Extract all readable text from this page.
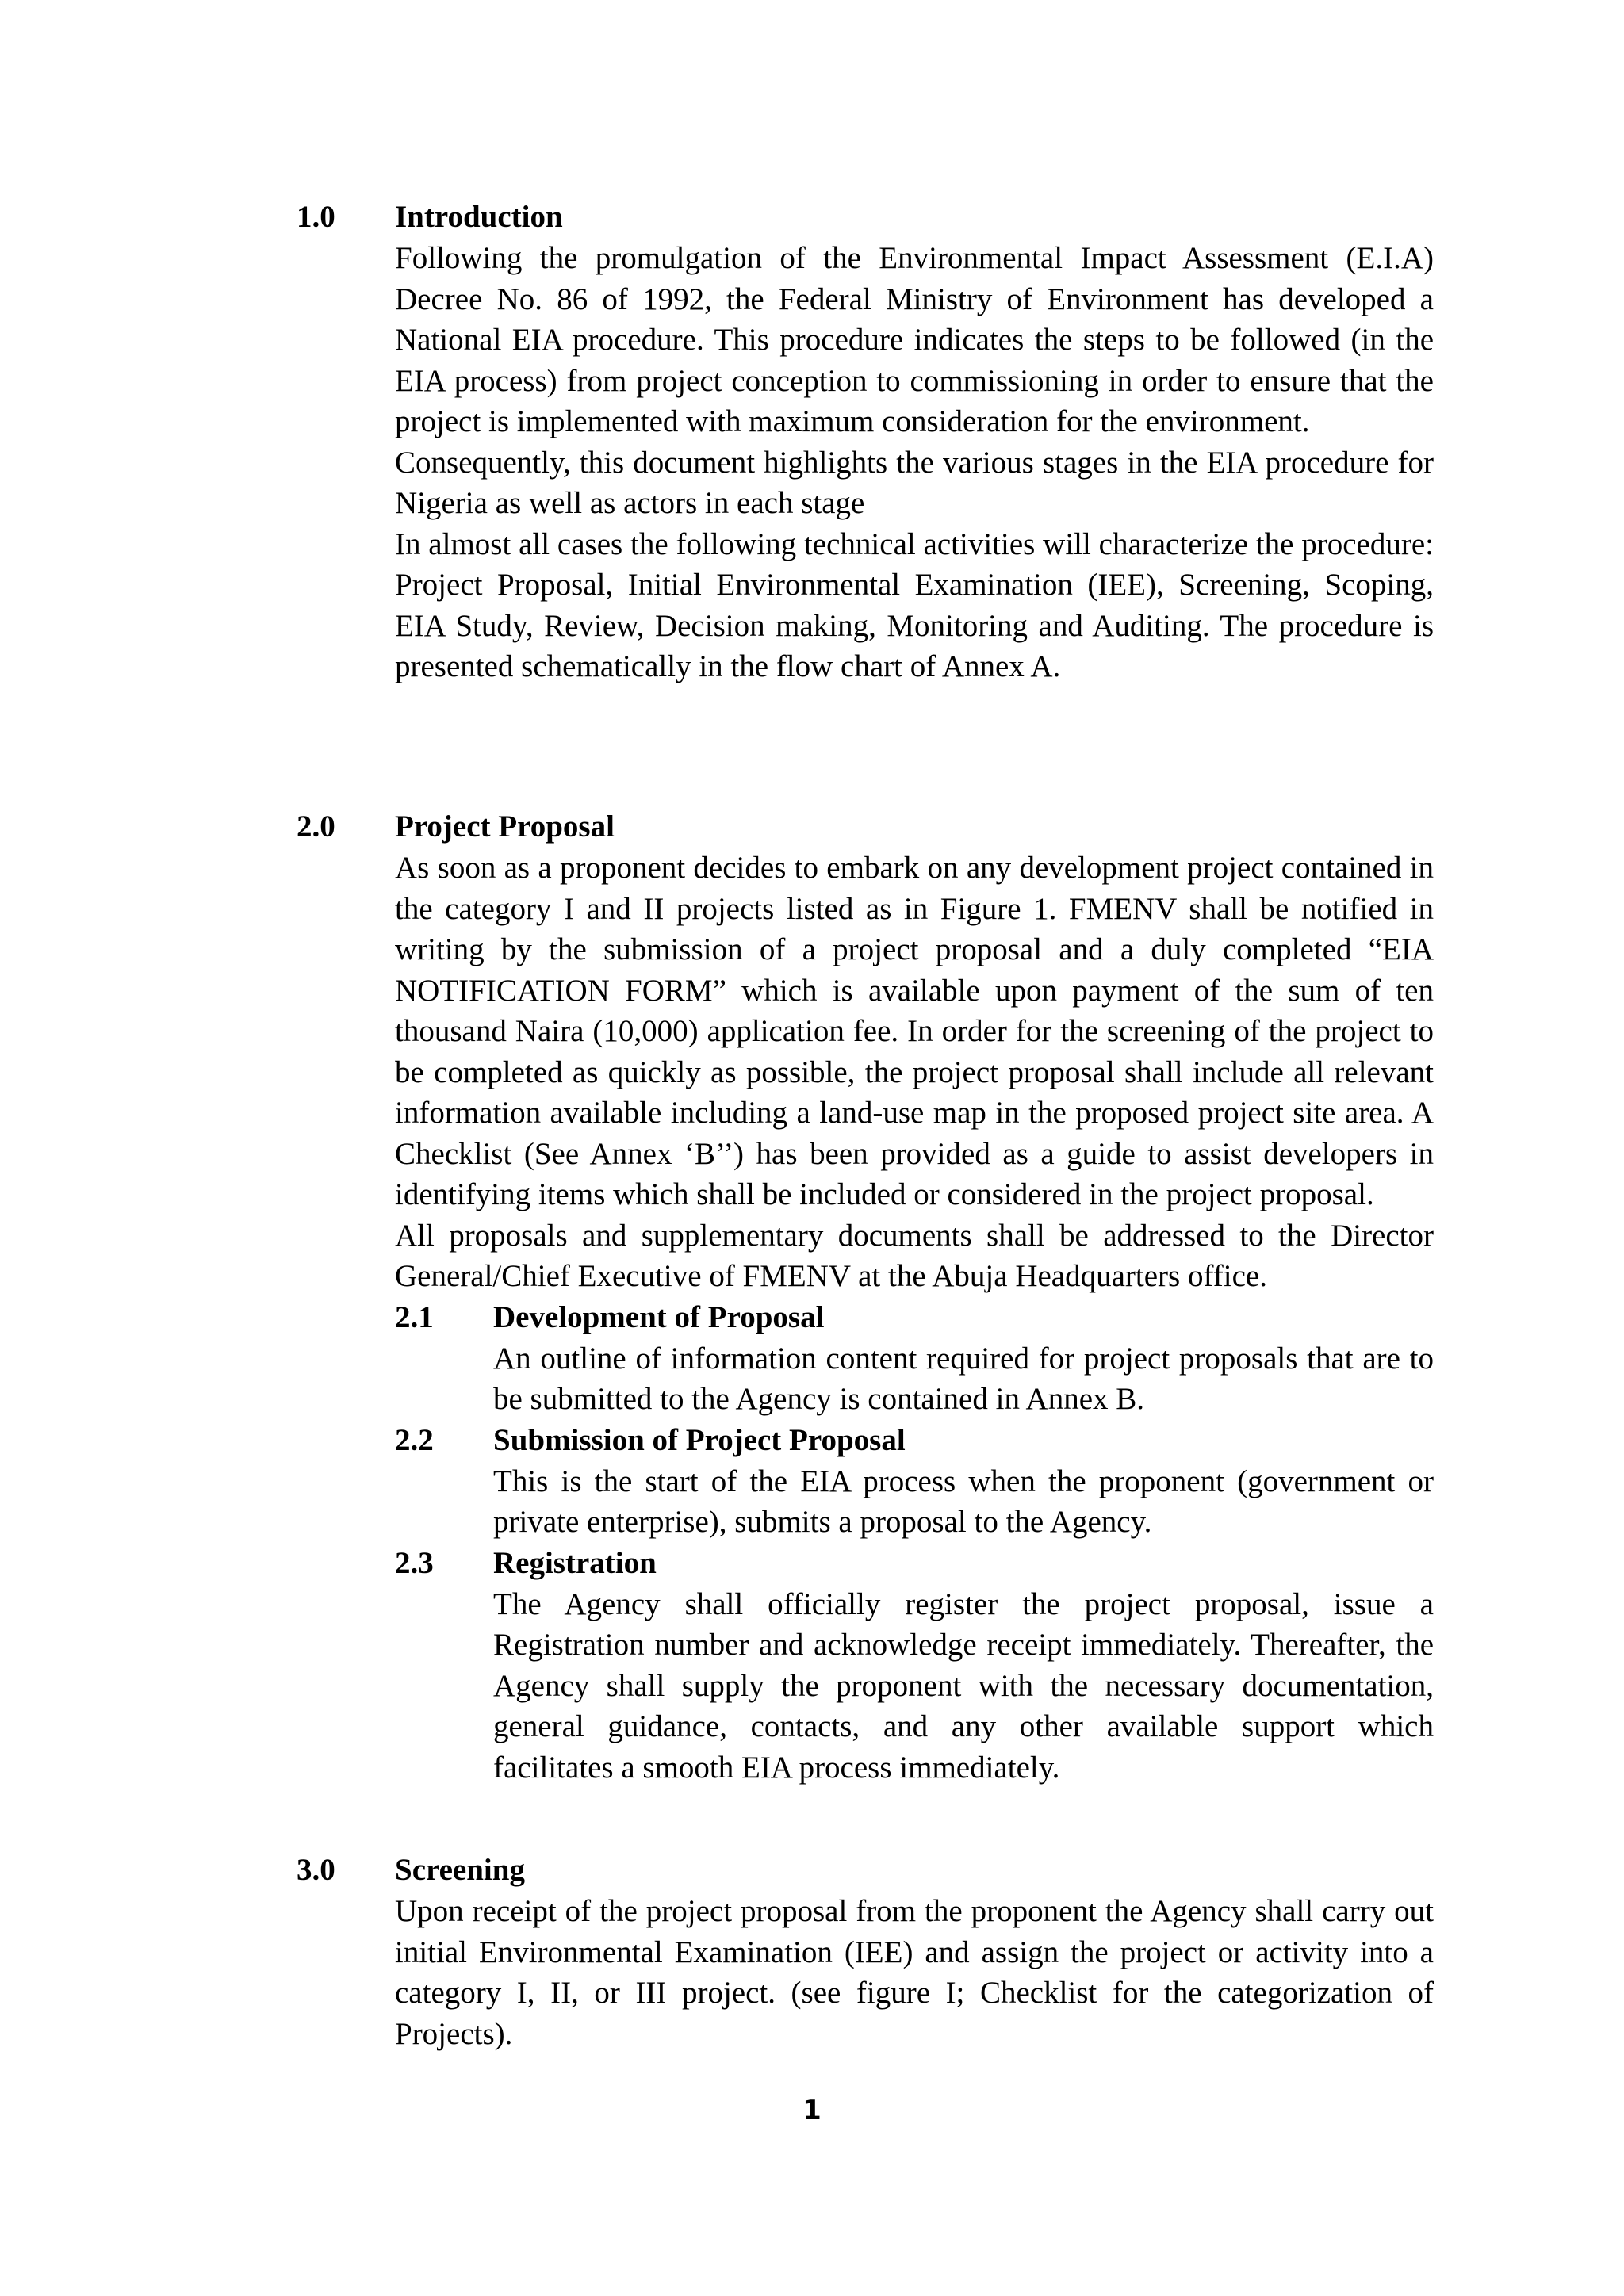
1.0	Introduction

Following the promulgation of the Environmental Impact Assessment (E.I.A) Decree No. 86 of 1992, the Federal Ministry of Environment has developed a National EIA procedure. This procedure indicates the steps to be followed (in the EIA process) from project conception to commissioning in order to ensure that the project is implemented with maximum consideration for the environment.

Consequently, this document highlights the various stages in the EIA procedure for Nigeria as well as actors in each stage

In almost all cases the following technical activities will characterize the procedure: Project Proposal, Initial Environmental Examination (IEE), Screening, Scoping, EIA Study, Review, Decision making, Monitoring and Auditing. The procedure is presented schematically in the flow chart of Annex A.

2.0	Project Proposal

As soon as a proponent decides to embark on any development project contained in the category I and II projects listed as in Figure 1. FMENV shall be notified in writing by the submission of a project proposal and a duly completed “EIA NOTIFICATION FORM” which is available upon payment of the sum of ten thousand Naira (10,000) application fee. In order for the screening of the project to be completed as quickly as possible, the project proposal shall include all relevant information available including a land-use map in the proposed project site area. A Checklist (See Annex ‘B’’) has been provided as a guide to assist developers in identifying items which shall be included or considered in the project proposal.

All proposals and supplementary documents shall be addressed to the Director General/Chief Executive of FMENV at the Abuja Headquarters office.

2.1	Development of Proposal

An outline of information content required for project proposals that are to be submitted to the Agency is contained in Annex B.

2.2	Submission of Project Proposal

This is the start of the EIA process when the proponent (government or private enterprise), submits a proposal to the Agency.

2.3	Registration

The Agency shall officially register the project proposal, issue a Registration number and acknowledge receipt immediately. Thereafter, the Agency shall supply the proponent with the necessary documentation, general guidance, contacts, and any other available support which facilitates a smooth EIA process immediately.

3.0	Screening

Upon receipt of the project proposal from the proponent the Agency shall carry out initial Environmental Examination (IEE) and assign the project or activity into a category I, II, or III project. (see figure I; Checklist for the categorization of Projects).

1
